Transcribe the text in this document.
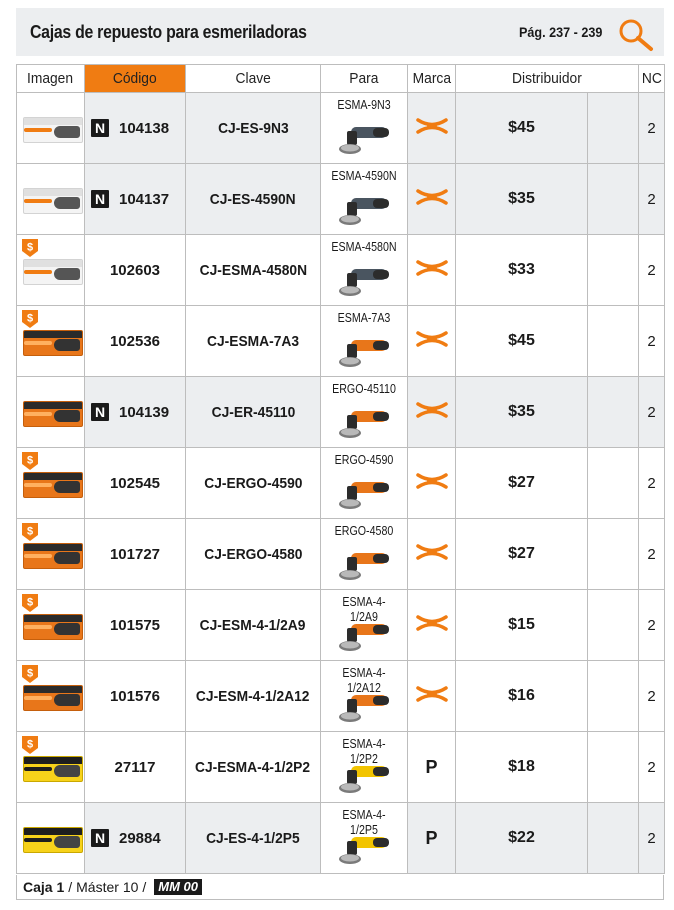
Cajas de repuesto para esmeriladoras	Pág. 237 - 239
Imagen	Código	Clave	Para	Marca	Distribuidor		NC

	N 104138	CJ-ES-9N3	ESMA-9N3		$45		2

	N 104137	CJ-ES-4590N	ESMA-4590N		$35		2

$	102603	CJ-ESMA-4580N	ESMA-4580N		$33		2

$	102536	CJ-ESMA-7A3	ESMA-7A3		$45		2

	N 104139	CJ-ER-45110	ERGO-45110		$35		2

$	102545	CJ-ERGO-4590	ERGO-4590		$27		2

$	101727	CJ-ERGO-4580	ERGO-4580		$27		2

$	101575	CJ-ESM-4-1/2A9	ESMA-4-1/2A9		$15		2

$	101576	CJ-ESM-4-1/2A12	ESMA-4-1/2A12		$16		2

$	27117	CJ-ESMA-4-1/2P2	ESMA-4-1/2P2	P	$18		2

	N 29884	CJ-ES-4-1/2P5	ESMA-4-1/2P5	P	$22		2
Caja 1 / Máster 10 / MM 00
